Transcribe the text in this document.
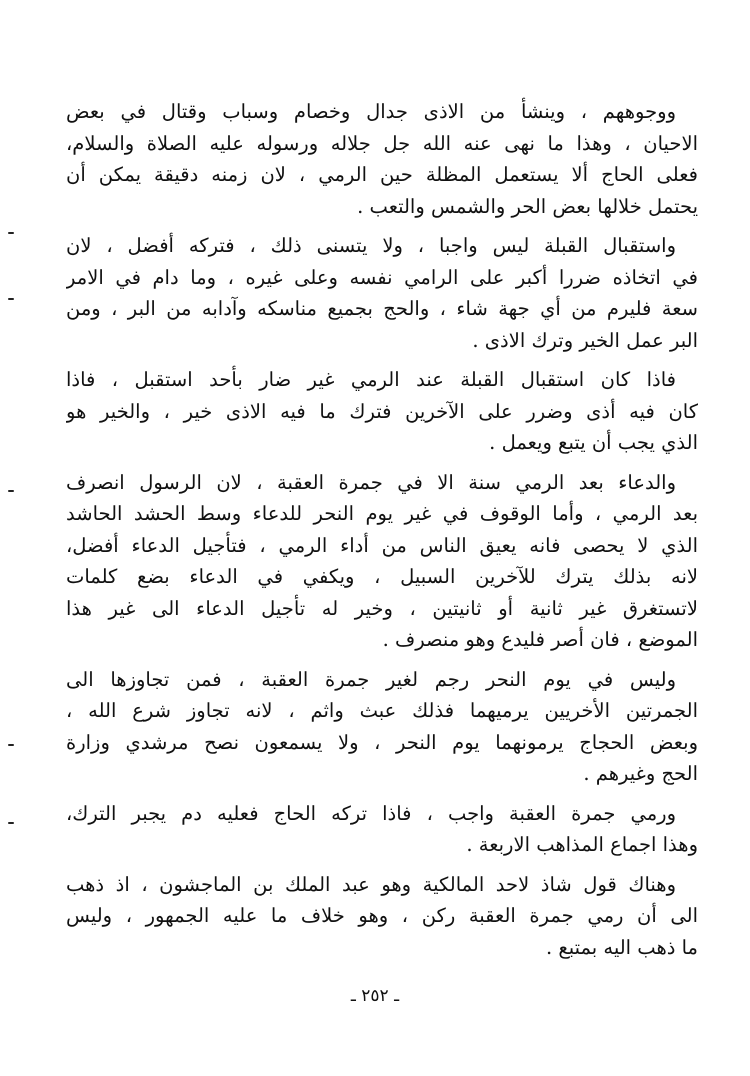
ووجوههم ، وينشأ من الاذى جدال وخصام وسباب وقتال في بعض
الاحيان ، وهذا ما نهى عنه الله جل جلاله ورسوله عليه الصلاة والسلام،
فعلى الحاج ألا يستعمل المظلة حين الرمي ، لان زمنه دقيقة يمكن أن
يحتمل خلالها بعض الحر والشمس والتعب .
واستقبال القبلة ليس واجبا ، ولا يتسنى ذلك ، فتركه أفضل ، لان
في اتخاذه ضررا أكبر على الرامي نفسه وعلى غيره ، وما دام في الامر
سعة فليرم من أي جهة شاء ، والحج بجميع مناسكه وآدابه من البر ، ومن
البر عمل الخير وترك الاذى .
فاذا كان استقبال القبلة عند الرمي غير ضار بأحد استقبل ، فاذا
كان فيه أذى وضرر على الآخرين فترك ما فيه الاذى خير ، والخير هو
الذي يجب أن يتبع ويعمل .
والدعاء بعد الرمي سنة الا في جمرة العقبة ، لان الرسول انصرف
بعد الرمي ، وأما الوقوف في غير يوم النحر للدعاء وسط الحشد الحاشد
الذي لا يحصى فانه يعيق الناس من أداء الرمي ، فتأجيل الدعاء أفضل،
لانه بذلك يترك للآخرين السبيل ، ويكفي في الدعاء بضع كلمات
لاتستغرق غير ثانية أو ثانيتين ، وخير له تأجيل الدعاء الى غير هذا
الموضع ، فان أصر فليدع وهو منصرف .
وليس في يوم النحر رجم لغير جمرة العقبة ، فمن تجاوزها الى
الجمرتين الأخريين يرميهما فذلك عبث واثم ، لانه تجاوز شرع الله ،
وبعض الحجاج يرمونهما يوم النحر ، ولا يسمعون نصح مرشدي وزارة
الحج وغيرهم .
ورمي جمرة العقبة واجب ، فاذا تركه الحاج فعليه دم يجبر الترك،
وهذا اجماع المذاهب الاربعة .
وهناك قول شاذ لاحد المالكية وهو عبد الملك بن الماجشون ، اذ ذهب
الى أن رمي جمرة العقبة ركن ، وهو خلاف ما عليه الجمهور ، وليس
ما ذهب اليه بمتبع .
ـ ٢٥٢ ـ
